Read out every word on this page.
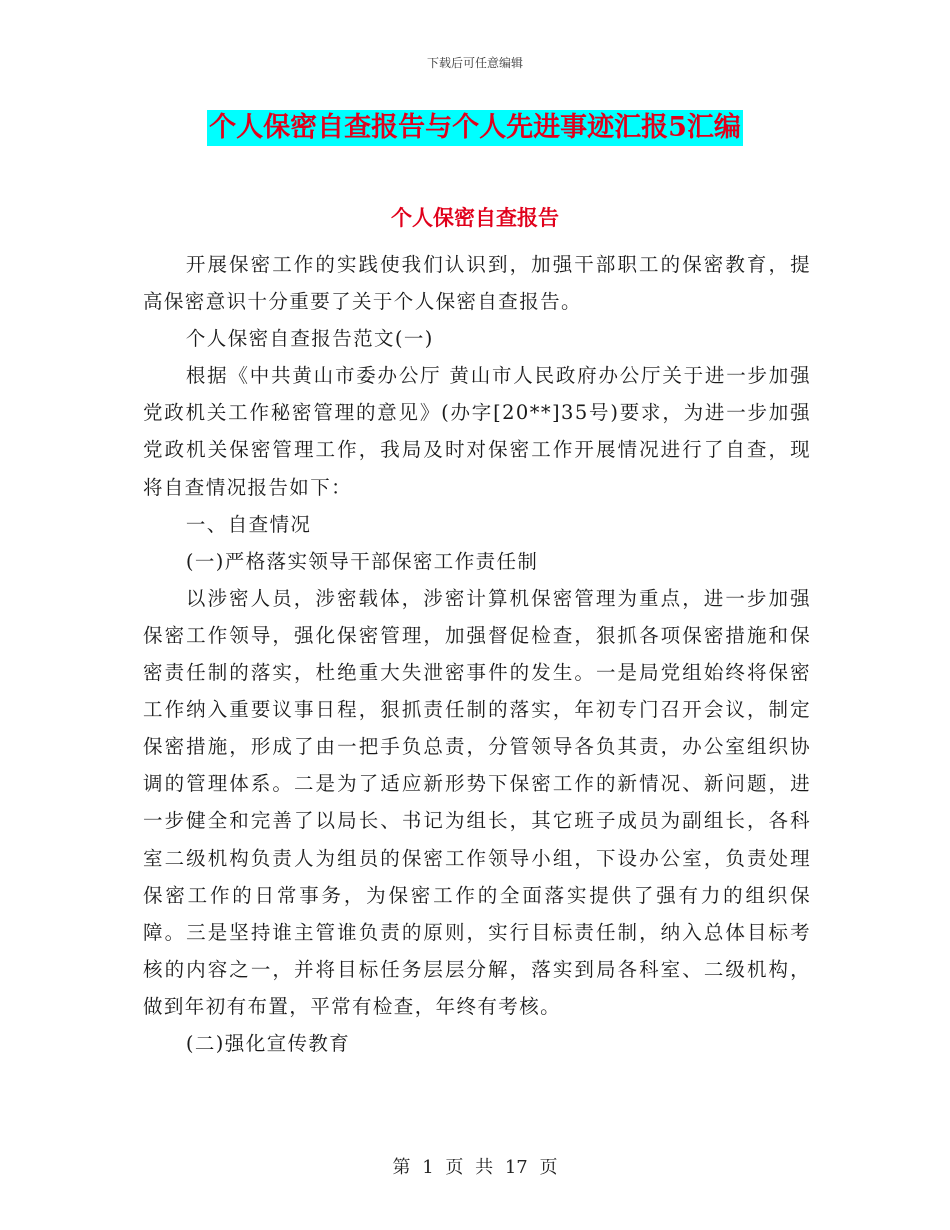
下载后可任意编辑
个人保密自查报告与个人先进事迹汇报5汇编
个人保密自查报告

开展保密工作的实践使我们认识到，加强干部职工的保密教育，提高保密意识十分重要了关于个人保密自查报告。

个人保密自查报告范文(一)

根据《中共黄山市委办公厅 黄山市人民政府办公厅关于进一步加强党政机关工作秘密管理的意见》(办字[20**]35号)要求，为进一步加强党政机关保密管理工作，我局及时对保密工作开展情况进行了自查，现将自查情况报告如下：

一、自查情况

(一)严格落实领导干部保密工作责任制

以涉密人员，涉密载体，涉密计算机保密管理为重点，进一步加强保密工作领导，强化保密管理，加强督促检查，狠抓各项保密措施和保密责任制的落实，杜绝重大失泄密事件的发生。一是局党组始终将保密工作纳入重要议事日程，狠抓责任制的落实，年初专门召开会议，制定保密措施，形成了由一把手负总责，分管领导各负其责，办公室组织协调的管理体系。二是为了适应新形势下保密工作的新情况、新问题，进一步健全和完善了以局长、书记为组长，其它班子成员为副组长，各科室二级机构负责人为组员的保密工作领导小组，下设办公室，负责处理保密工作的日常事务，为保密工作的全面落实提供了强有力的组织保障。三是坚持谁主管谁负责的原则，实行目标责任制，纳入总体目标考核的内容之一，并将目标任务层层分解，落实到局各科室、二级机构，做到年初有布置，平常有检查，年终有考核。

(二)强化宣传教育

第 1 页 共 17 页
